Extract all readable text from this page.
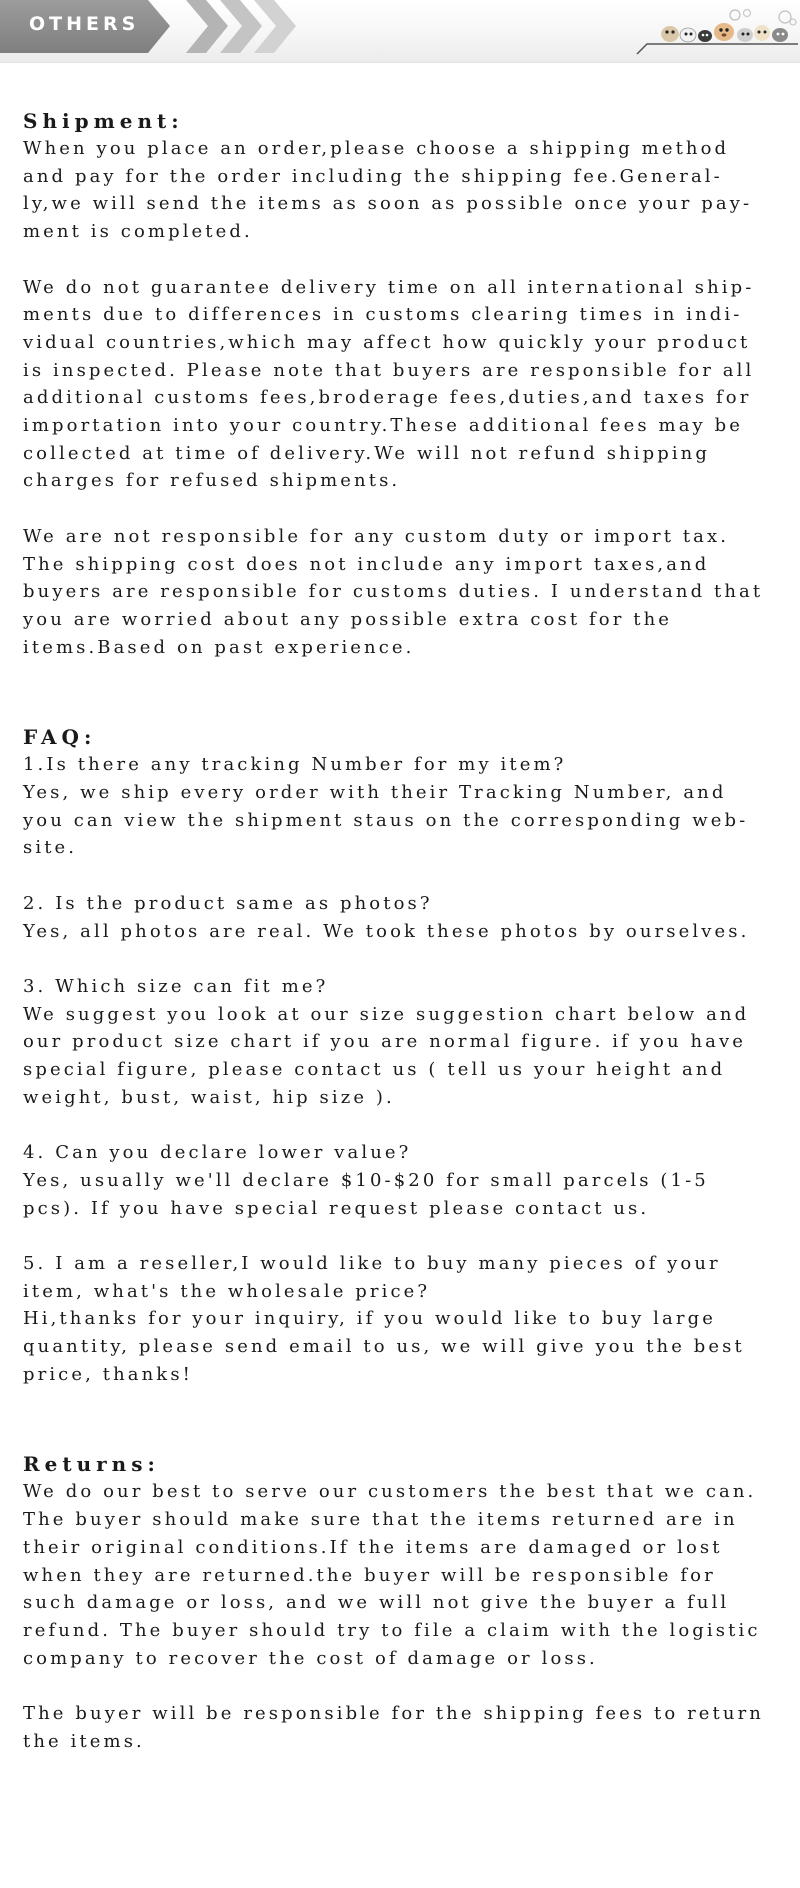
OTHERS
Shipment:

When you place an order,please choose a shipping method
and pay for the order including the shipping fee.General-
ly,we will send the items as soon as possible once your pay-
ment is completed.

We do not guarantee delivery time on all international ship-
ments due to differences in customs clearing times in indi-
vidual countries,which may affect how quickly your product
is inspected. Please note that buyers are responsible for all
additional customs fees,broderage fees,duties,and taxes for
importation into your country.These additional fees may be
collected at time of delivery.We will not refund shipping
charges for refused shipments.

We are not responsible for any custom duty or import tax.
The shipping cost does not include any import taxes,and
buyers are responsible for customs duties. I understand that
you are worried about any possible extra cost for the
items.Based on past experience.

FAQ:

1.Is there any tracking Number for my item?
Yes, we ship every order with their Tracking Number, and
you can view the shipment staus on the corresponding web-
site.

2. Is the product same as photos?
Yes, all photos are real. We took these photos by ourselves.

3. Which size can fit me?
We suggest you look at our size suggestion chart below and
our product size chart if you are normal figure. if you have
special figure, please contact us ( tell us your height and
weight, bust, waist, hip size ).

4. Can you declare lower value?
Yes, usually we'll declare $10-$20 for small parcels (1-5
pcs). If you have special request please contact us.

5. I am a reseller,I would like to buy many pieces of your
item, what's the wholesale price?
Hi,thanks for your inquiry, if you would like to buy large
quantity, please send email to us, we will give you the best
price, thanks!

Returns:

We do our best to serve our customers the best that we can.
The buyer should make sure that the items returned are in
their original conditions.If the items are damaged or lost
when they are returned.the buyer will be responsible for
such damage or loss, and we will not give the buyer a full
refund. The buyer should try to file a claim with the logistic
company to recover the cost of damage or loss.

The buyer will be responsible for the shipping fees to return
the items.
